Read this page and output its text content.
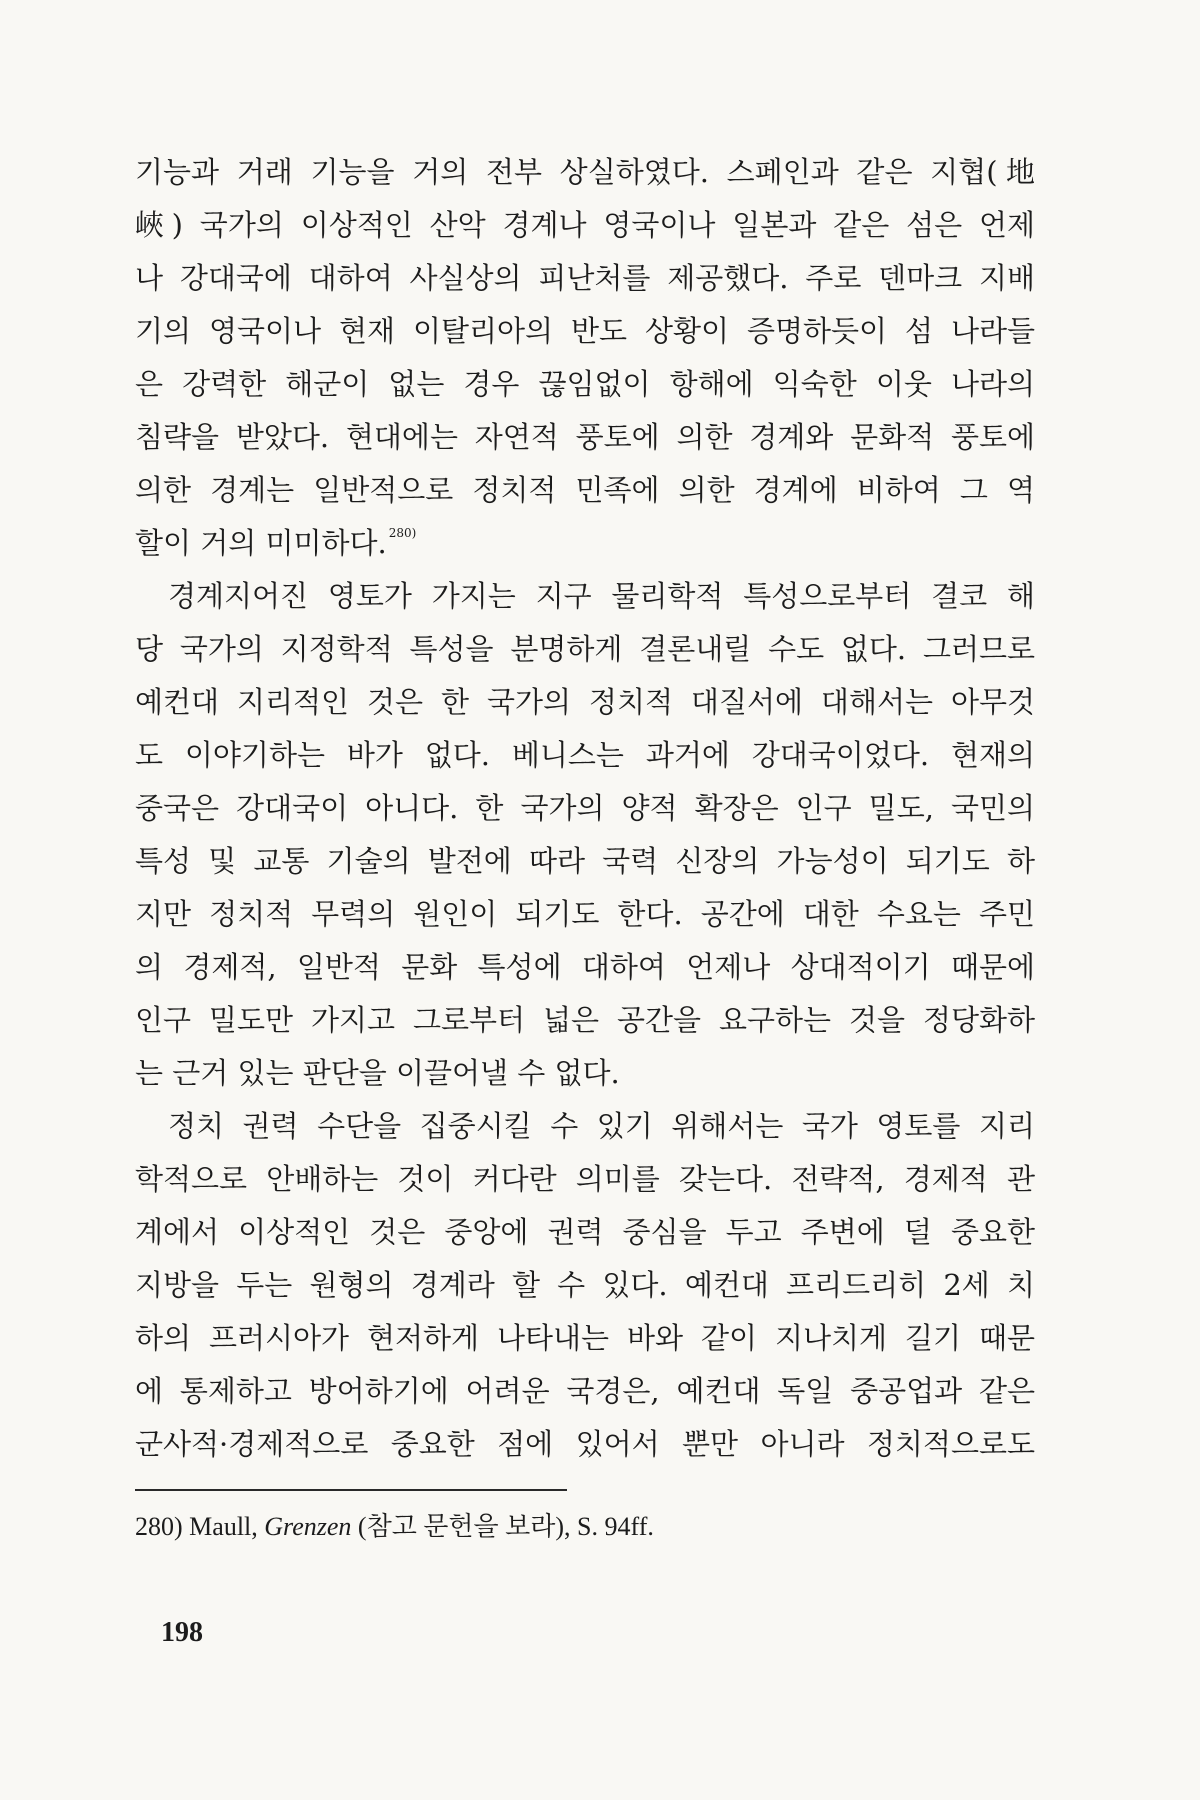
기능과 거래 기능을 거의 전부 상실하였다. 스페인과 같은 지협(地
峽) 국가의 이상적인 산악 경계나 영국이나 일본과 같은 섬은 언제
나 강대국에 대하여 사실상의 피난처를 제공했다. 주로 덴마크 지배
기의 영국이나 현재 이탈리아의 반도 상황이 증명하듯이 섬 나라들
은 강력한 해군이 없는 경우 끊임없이 항해에 익숙한 이웃 나라의
침략을 받았다. 현대에는 자연적 풍토에 의한 경계와 문화적 풍토에
의한 경계는 일반적으로 정치적 민족에 의한 경계에 비하여 그 역
할이 거의 미미하다. $^{280)}$
경계지어진 영토가 가지는 지구 물리학적 특성으로부터 결코 해
당 국가의 지정학적 특성을 분명하게 결론내릴 수도 없다. 그러므로
예컨대 지리적인 것은 한 국가의 정치적 대질서에 대해서는 아무것
도 이야기하는 바가 없다. 베니스는 과거에 강대국이었다. 현재의
중국은 강대국이 아니다. 한 국가의 양적 확장은 인구 밀도, 국민의
특성 및 교통 기술의 발전에 따라 국력 신장의 가능성이 되기도 하
지만 정치적 무력의 원인이 되기도 한다. 공간에 대한 수요는 주민
의 경제적, 일반적 문화 특성에 대하여 언제나 상대적이기 때문에
인구 밀도만 가지고 그로부터 넓은 공간을 요구하는 것을 정당화하
는 근거 있는 판단을 이끌어낼 수 없다.
정치 권력 수단을 집중시킬 수 있기 위해서는 국가 영토를 지리
학적으로 안배하는 것이 커다란 의미를 갖는다. 전략적, 경제적 관
계에서 이상적인 것은 중앙에 권력 중심을 두고 주변에 덜 중요한
지방을 두는 원형의 경계라 할 수 있다. 예컨대 프리드리히 2세 치
하의 프러시아가 현저하게 나타내는 바와 같이 지나치게 길기 때문
에 통제하고 방어하기에 어려운 국경은, 예컨대 독일 중공업과 같은
군사적·경제적으로 중요한 점에 있어서 뿐만 아니라 정치적으로도
280) Maull, Grenzen (참고 문헌을 보라), S. 94ff.
198
